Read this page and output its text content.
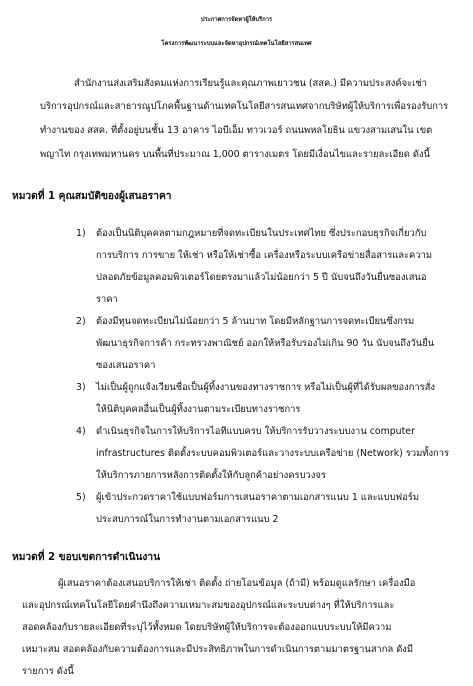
ประกาศการจัดหาผู้ให้บริการ
โครงการพัฒนาระบบและจัดหาอุปกรณ์เทคโนโลยีสารสนเทศ
สำนักงานส่งเสริมสังคมแห่งการเรียนรู้และคุณภาพเยาวชน (สสค.) มีความประสงค์จะเช่า
บริการอุปกรณ์และสาธารณูปโภคพื้นฐานด้านเทคโนโลยีสารสนเทศจากบริษัทผู้ให้บริการเพื่อรองรับการ
ทำงานของ สสค. ที่ตั้งอยู่บนชั้น 13 อาคาร ไอบีเอ็ม ทาวเวอร์ ถนนพหลโยธิน แขวงสามเสนใน เขต
พญาไท กรุงเทพมหานคร บนพื้นที่ประมาณ 1,000 ตารางเมตร โดยมีเงื่อนไขและรายละเอียด ดังนี้
หมวดที่ 1 คุณสมบัติของผู้เสนอราคา
1) ต้องเป็นนิติบุคคลตามกฎหมายที่จดทะเบียนในประเทศไทย ซึ่งประกอบธุรกิจเกี่ยวกับ
การบริการ การขาย ให้เช่า หรือให้เช่าซื้อ เครื่องหรือระบบเครือข่ายสื่อสารและความ
ปลอดภัยข้อมูลคอมพิวเตอร์โดยตรงมาแล้วไม่น้อยกว่า 5 ปี นับจนถึงวันยื่นซองเสนอ
ราคา
2) ต้องมีทุนจดทะเบียนไม่น้อยกว่า 5 ล้านบาท โดยมีหลักฐานการจดทะเบียนซึ่งกรม
พัฒนาธุรกิจการค้า กระทรวงพาณิชย์ ออกให้หรือรับรองไม่เกิน 90 วัน นับจนถึงวันยื่น
ซองเสนอราคา
3) ไม่เป็นผู้ถูกแจ้งเวียนชื่อเป็นผู้ทิ้งงานของทางราชการ หรือไม่เป็นผู้ที่ได้รับผลของการสั่ง
ให้นิติบุคคลอื่นเป็นผู้ทิ้งงานตามระเบียบทางราชการ
4) ดำเนินธุรกิจในการให้บริการไอทีแบบครบ ให้บริการรับวางระบบงาน computer
infrastructures ติดตั้งระบบคอมพิวเตอร์และวางระบบเครือข่าย (Network) รวมทั้งการ
ให้บริการภายการหลังการติดตั้งให้กับลูกค้าอย่างครบวงจร
5) ผู้เข้าประกวดราคาใช้แบบฟอร์มการเสนอราคาตามเอกสารแนบ 1 และแบบฟอร์ม
ประสบการณ์ในการทำงานตามเอกสารแนบ 2
หมวดที่ 2 ขอบเขตการดำเนินงาน
ผู้เสนอราคาต้องเสนอบริการให้เช่า ติดตั้ง ถ่ายโอนข้อมูล (ถ้ามี) พร้อมดูแลรักษา เครื่องมือ
และอุปกรณ์เทคโนโลยีโดยคำนึงถึงความเหมาะสมของอุปกรณ์และระบบต่างๆ ที่ให้บริการและ
สอดคล้องกับรายละเอียดที่ระบุไว้ทั้งหมด โดยบริษัทผู้ให้บริการจะต้องออกแบบระบบให้มีความ
เหมาะสม สอดคล้องกับความต้องการและมีประสิทธิภาพในการดำเนินการตามมาตรฐานสากล ดังมี
รายการ ดังนี้
